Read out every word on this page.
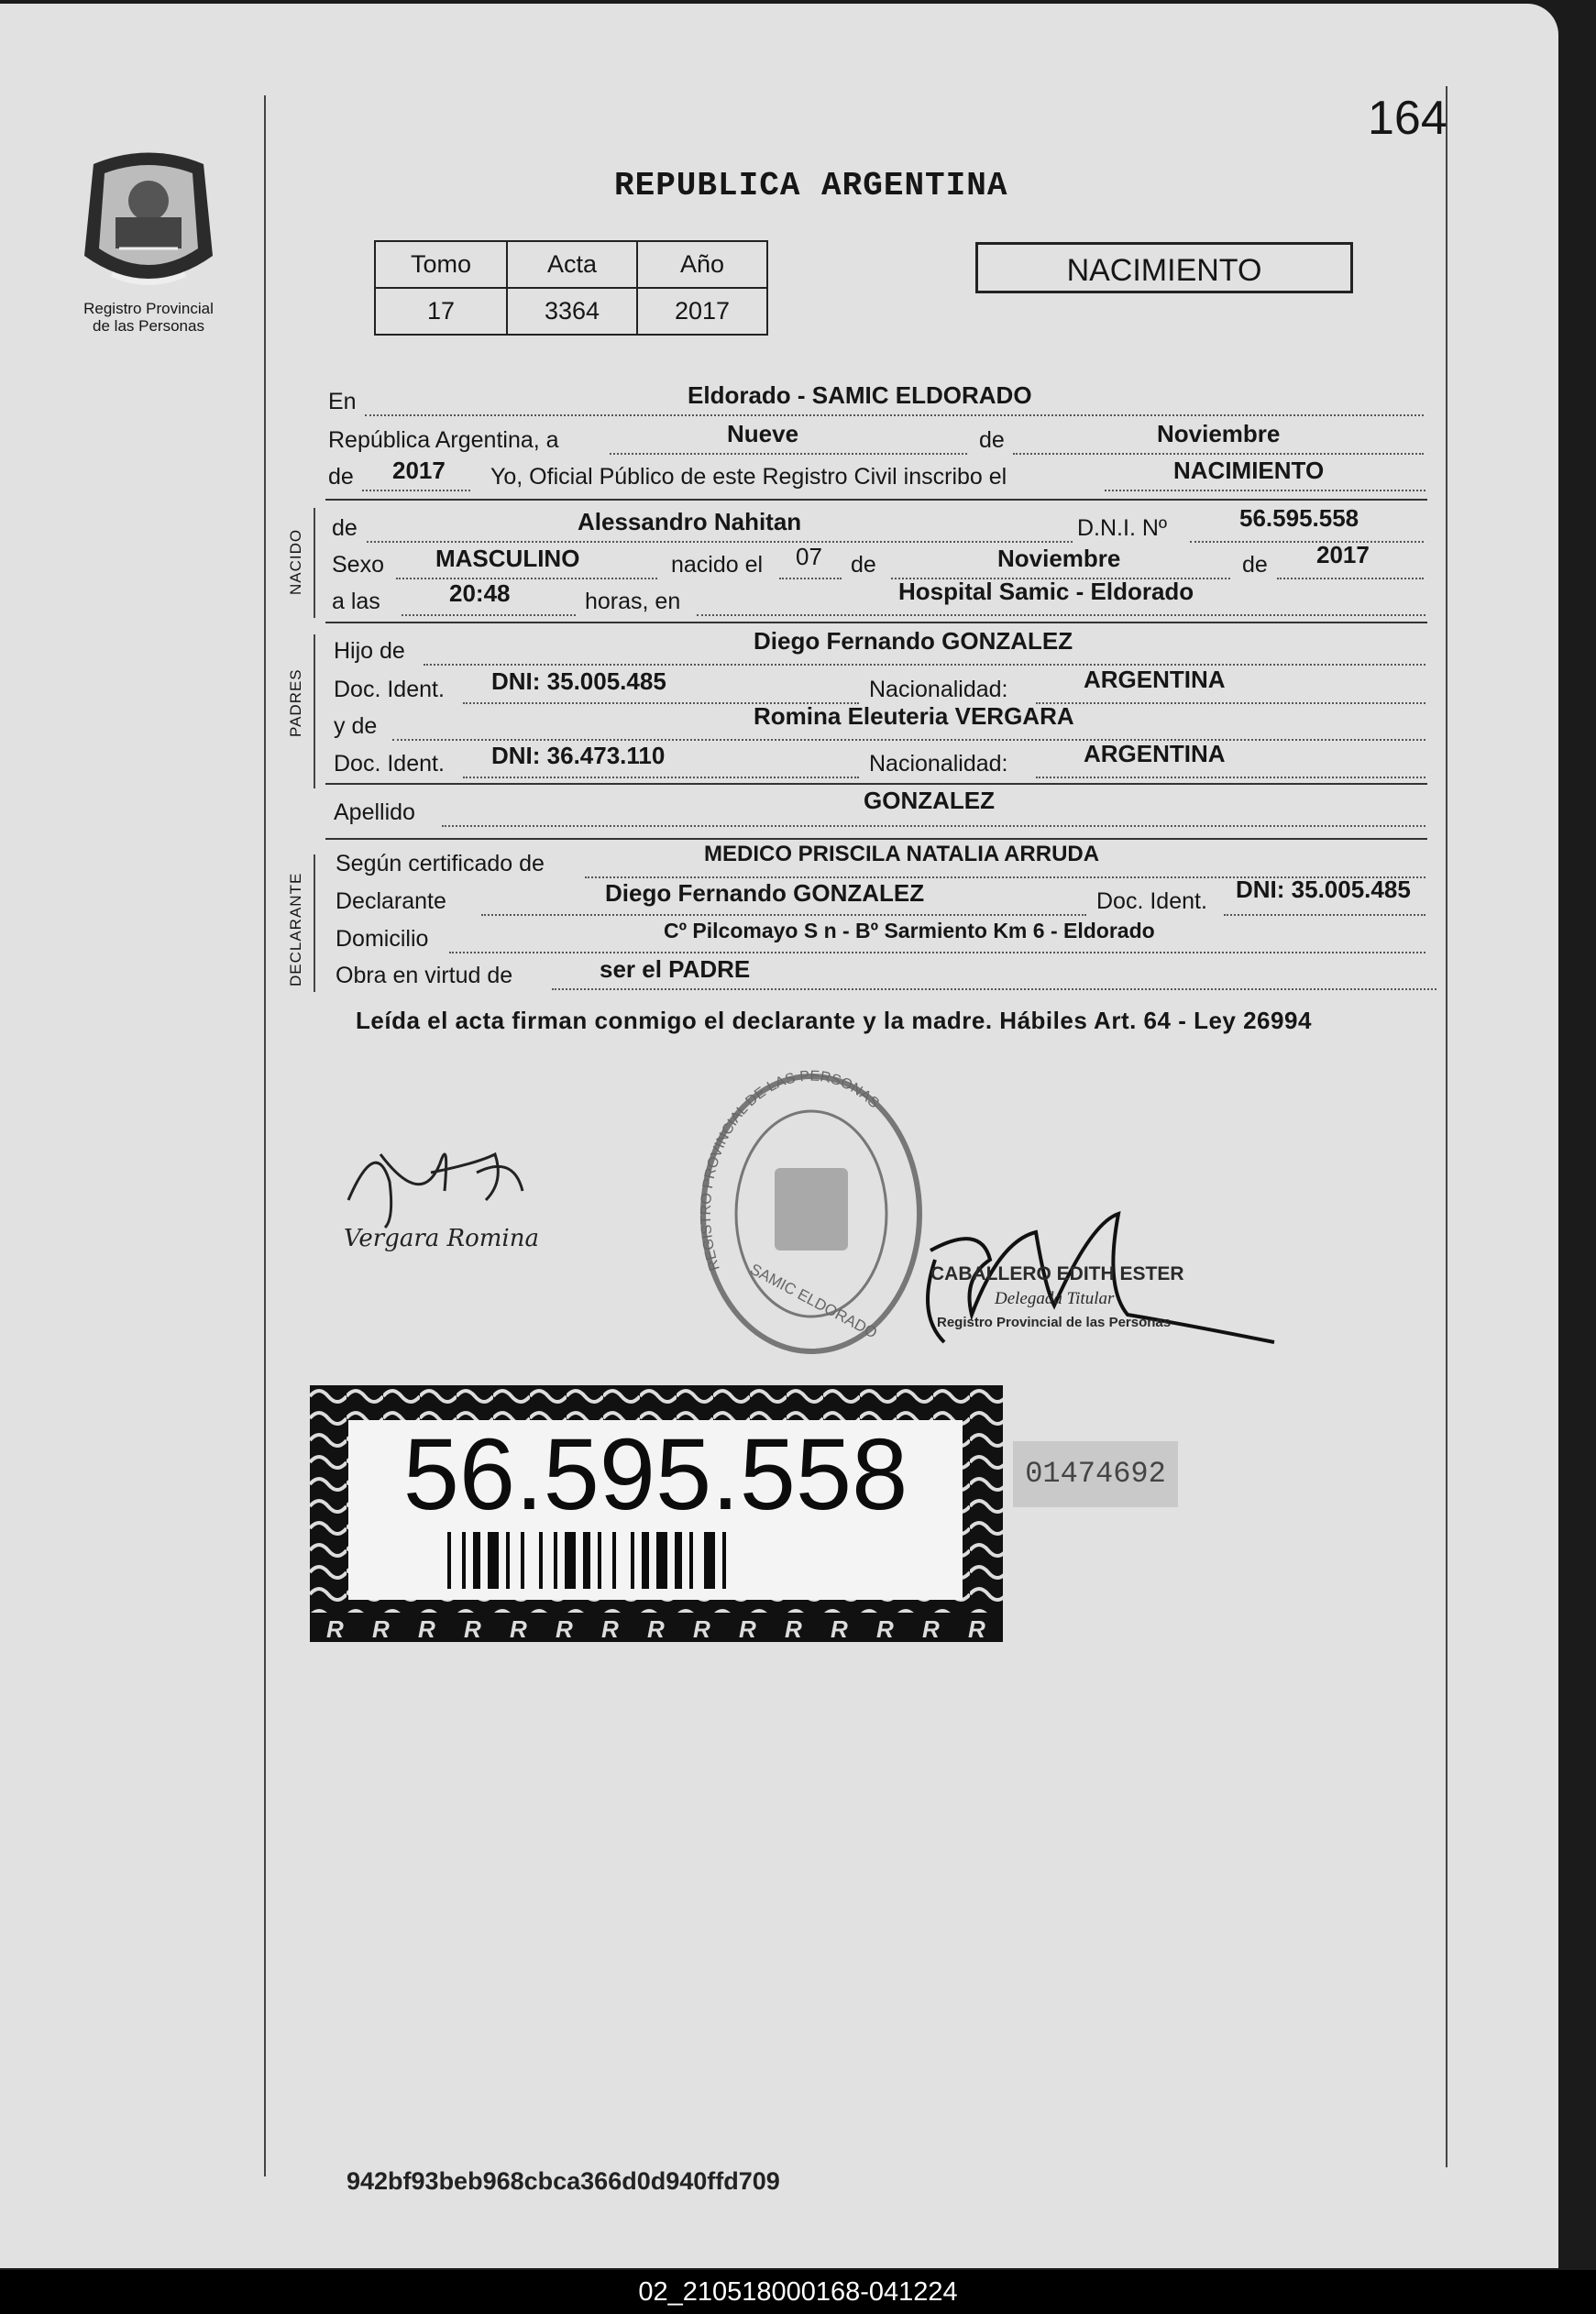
164
Registro Provincial
de las Personas
REPUBLICA ARGENTINA
Tomo	Acta	Año
17	3364	2017
NACIMIENTO
En	Eldorado - SAMIC ELDORADO
República Argentina, a	Nueve	de	Noviembre
de 2017 Yo, Oficial Público de este Registro Civil inscribo el	NACIMIENTO
NACIDO
de	Alessandro Nahitan	D.N.I. Nº	56.595.558
Sexo MASCULINO	nacido el 07 de	Noviembre	de 2017
a las	20:48	horas, en	Hospital Samic - Eldorado
PADRES
Hijo de	Diego Fernando GONZALEZ
Doc. Ident. DNI: 35.005.485	Nacionalidad:	ARGENTINA
y de	Romina Eleuteria VERGARA
Doc. Ident. DNI: 36.473.110	Nacionalidad:	ARGENTINA
Apellido	GONZALEZ
DECLARANTE
Según certificado de	MEDICO PRISCILA NATALIA ARRUDA
Declarante	Diego Fernando GONZALEZ	Doc. Ident. DNI: 35.005.485
Domicilio	Cº Pilcomayo S n - Bº Sarmiento Km 6 - Eldorado
Obra en virtud de	ser el PADRE
Leída el acta firman conmigo el declarante y la madre. Hábiles Art. 64 - Ley 26994
Vergara Romina
REGISTRO PROVINCIAL DE LAS PERSONAS
SAMIC ELDORADO	CABALLERO EDITH ESTER
Delegada Titular
Registro Provincial de las Personas
56.595.558
R R R R R R R R R R R R R R R
01474692
942bf93beb968cbca366d0d940ffd709
02_210518000168-041224
